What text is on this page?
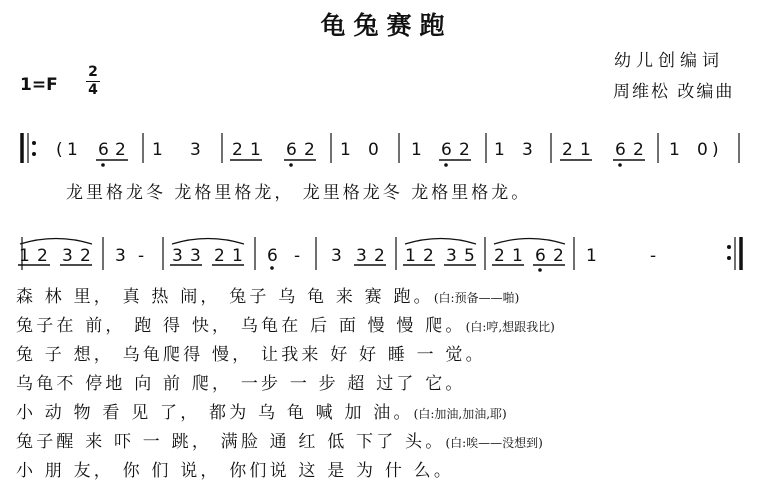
龟兔赛跑
幼儿创编词
周维松 改编曲
1=F
2
4
( 1 6 2 1 3 2 1 6 2 1 0 1 6 2 1 3 2 1 6 2 1 0 )
1 2 3 2 3 - 3 3 2 1 6 - 3 3 2 1 2 3 5 2 1 6 2 1	-
龙里格龙冬 龙格里格龙， 龙里格龙冬 龙格里格龙。
森 林 里， 真 热 闹， 兔子 乌 龟 来 赛 跑。(白:预备——啪)
兔子在 前， 跑 得 快， 乌龟在 后 面 慢 慢 爬。(白:哼,想跟我比)
兔 子 想， 乌龟爬得 慢， 让我来 好 好 睡 一 觉。
乌龟不 停地 向 前 爬， 一步 一 步 超 过了 它。
小 动 物 看 见 了， 都为 乌 龟 喊 加 油。(白:加油,加油,耶)
兔子醒 来 吓 一 跳， 满脸 通 红 低 下了 头。(白:唉——没想到)
小 朋 友， 你 们 说， 你们说 这 是 为 什 么。
